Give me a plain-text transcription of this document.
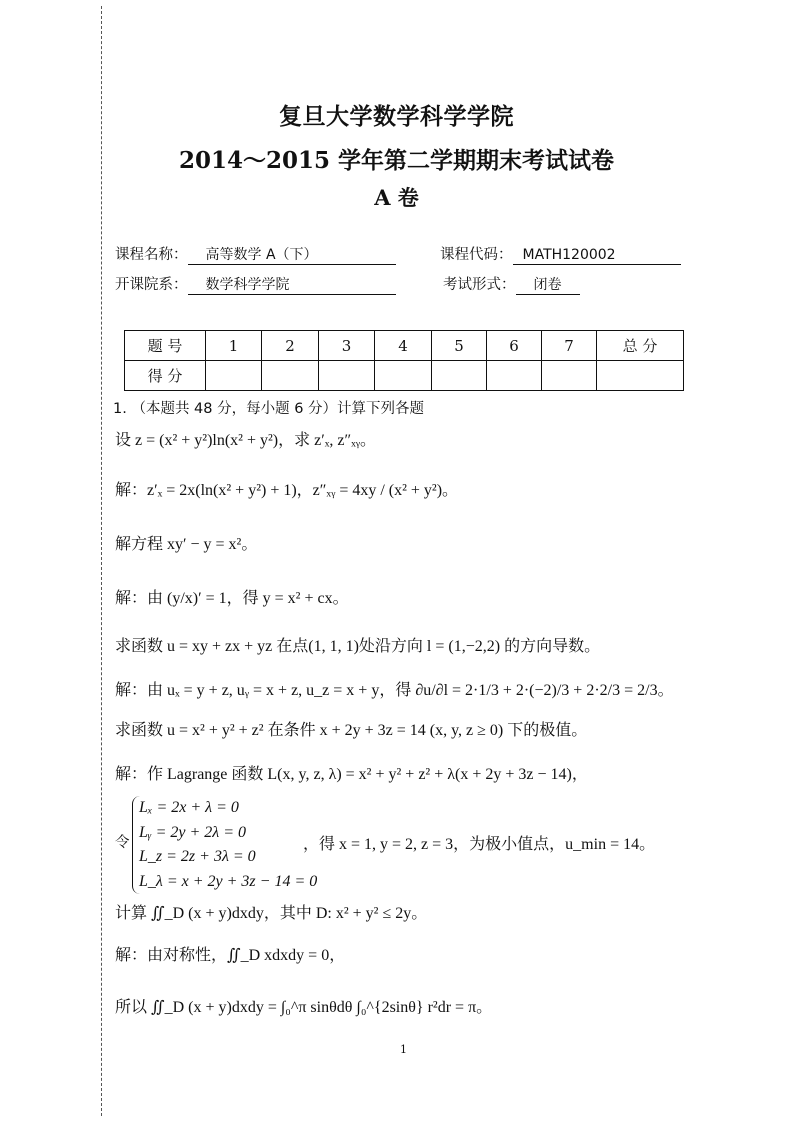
复旦大学数学科学学院
2014～2015 学年第二学期期末考试试卷
A 卷
课程名称： 高等数学 A（下）	课程代码： MATH120002
开课院系： 数学科学学院	考试形式： 闭卷
题 号	1	2	3	4	5	6	7	总 分
得 分								
1. （本题共 48 分，每小题 6 分）计算下列各题
设 z = (x² + y²)ln(x² + y²)，求 z′ₓ, z″ₓᵧ。
解：z′ₓ = 2x(ln(x² + y²) + 1)，z″ₓᵧ = 4xy / (x² + y²)。
解方程 xy′ − y = x²。
解：由 (y/x)′ = 1，得 y = x² + cx。
求函数 u = xy + zx + yz 在点(1, 1, 1)处沿方向 l = (1,−2,2) 的方向导数。
解：由 uₓ = y + z, uᵧ = x + z, u_z = x + y，得 ∂u/∂l = 2·1/3 + 2·(−2)/3 + 2·2/3 = 2/3。
求函数 u = x² + y² + z² 在条件 x + 2y + 3z = 14 (x, y, z ≥ 0) 下的极值。
解：作 Lagrange 函数 L(x, y, z, λ) = x² + y² + z² + λ(x + 2y + 3z − 14)，
令
Lₓ = 2x + λ = 0
Lᵧ = 2y + 2λ = 0
L_z = 2z + 3λ = 0
L_λ = x + 2y + 3z − 14 = 0
，得 x = 1, y = 2, z = 3，为极小值点，u_min = 14。
计算 ∬_D (x + y)dxdy，其中 D: x² + y² ≤ 2y。
解：由对称性，∬_D xdxdy = 0，
所以 ∬_D (x + y)dxdy = ∫₀^π sinθdθ ∫₀^{2sinθ} r²dr = π。
1
